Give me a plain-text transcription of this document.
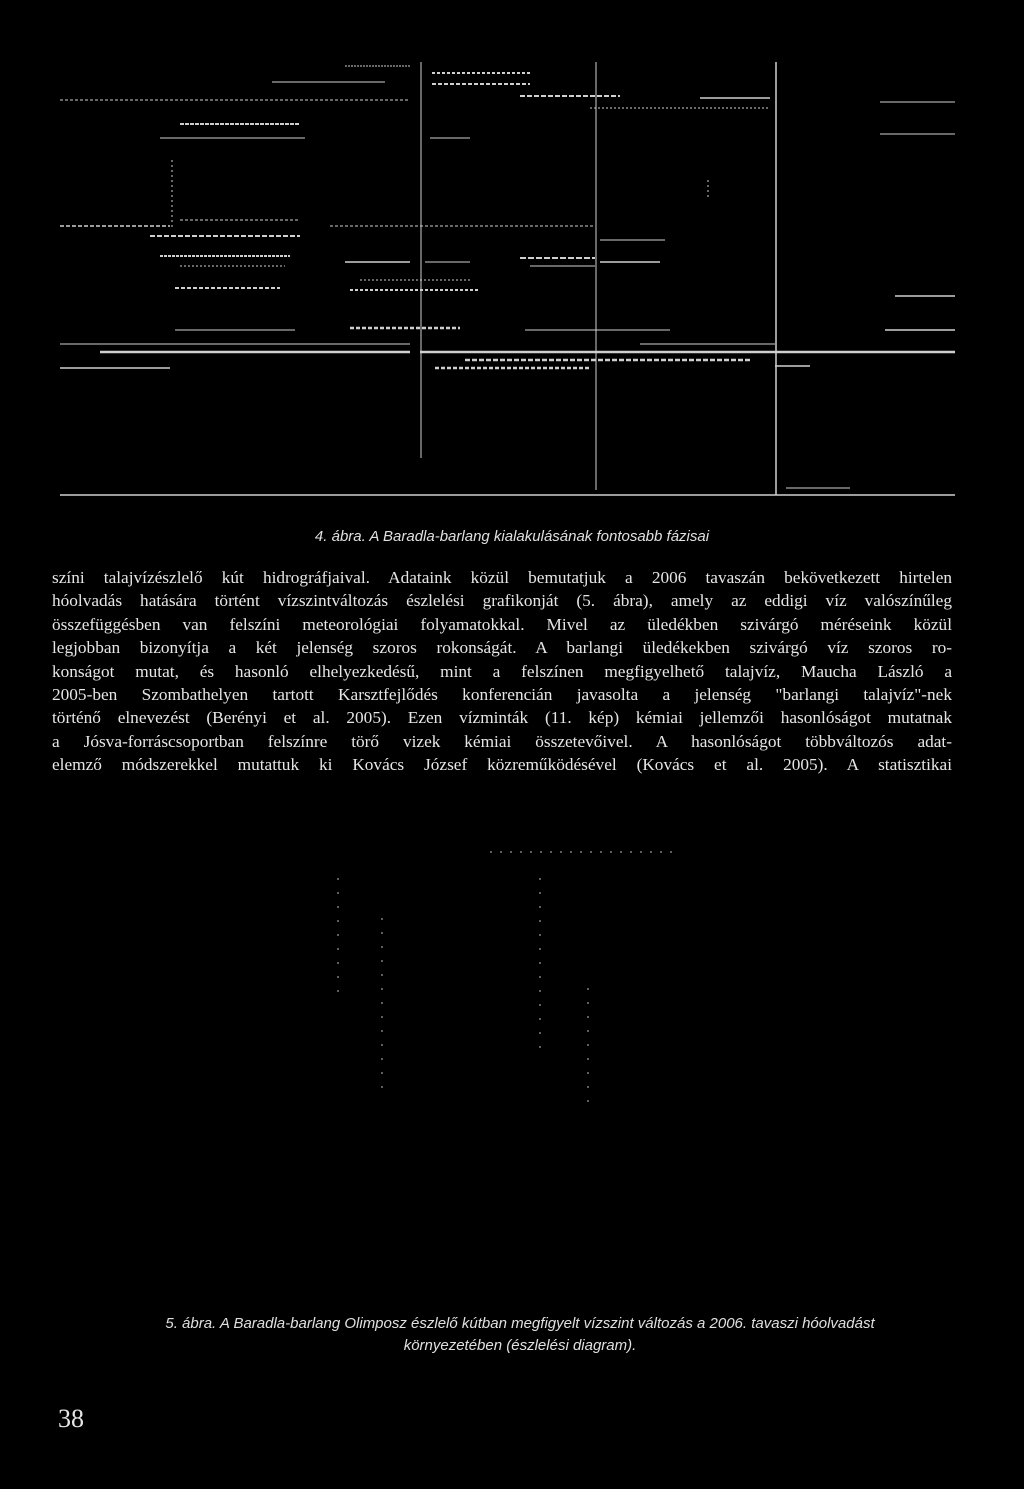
4. ábra. A Baradla-barlang kialakulásának fontosabb fázisai

színi talajvízészlelő kút hidrográfjaival. Adataink közül bemutatjuk a 2006 tavaszán bekövetkezett hirtelen
hóolvadás hatására történt vízszintváltozás észlelési grafikonját (5. ábra), amely az eddigi víz valószínűleg
összefüggésben van felszíni meteorológiai folyamatokkal. Mivel az üledékben szivárgó méréseink közül
legjobban bizonyítja a két jelenség szoros rokonságát. A barlangi üledékekben szivárgó víz szoros ro-
konságot mutat, és hasonló elhelyezkedésű, mint a felszínen megfigyelhető talajvíz, Maucha László a
2005-ben Szombathelyen tartott Karsztfejlődés konferencián javasolta a jelenség "barlangi talajvíz"-nek
történő elnevezést (Berényi et al. 2005). Ezen vízminták (11. kép) kémiai jellemzői hasonlóságot mutatnak
a Jósva-forráscsoportban felszínre törő vizek kémiai összetevőivel. A hasonlóságot többváltozós adat-
elemző módszerekkel mutattuk ki Kovács József közreműködésével (Kovács et al. 2005). A statisztikai
5. ábra. A Baradla-barlang Olimposz észlelő kútban megfigyelt vízszint változás a 2006. tavaszi hóolvadást
környezetében (észlelési diagram).

38
